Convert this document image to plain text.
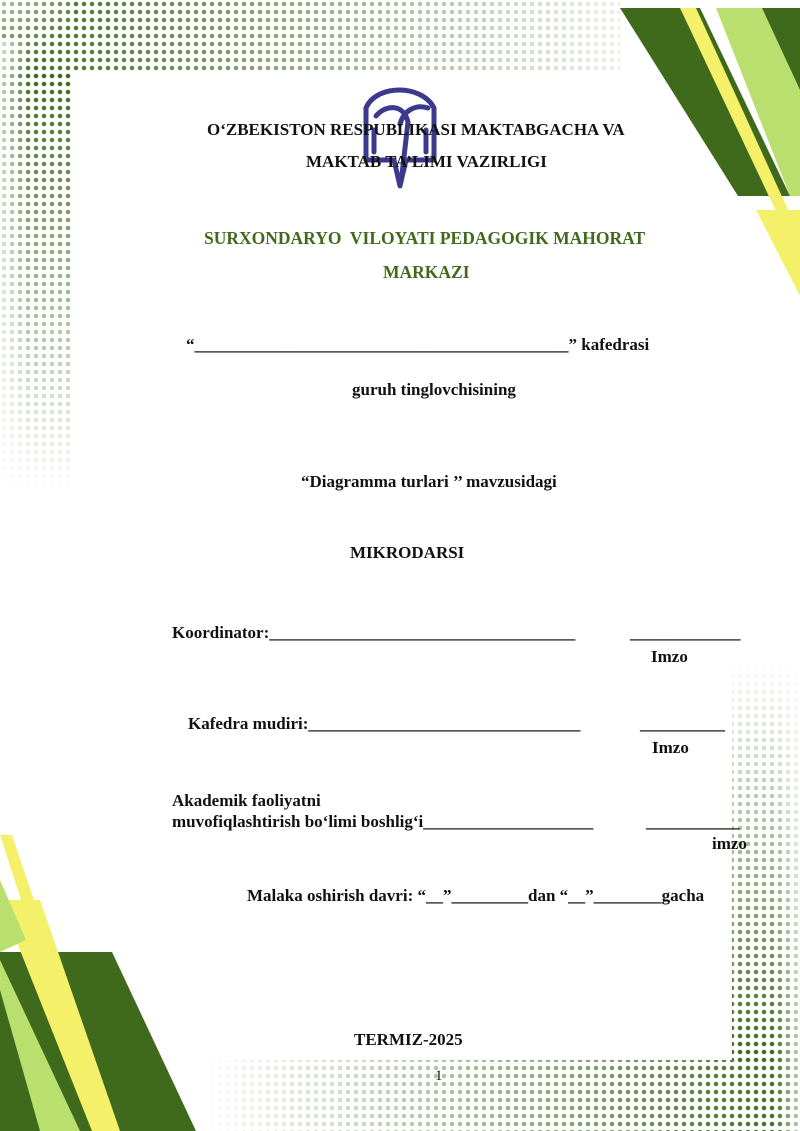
O‘ZBEKISTON RESPUBLIKASI MAKTABGACHA VA
MAKTAB TA’LIMI VAZIRLIGI
SURXONDARYO  VILOYATI PEDAGOGIK MAHORAT
MARKAZI
“____________________________________________” kafedrasi
guruh tinglovchisining
“Diagramma turlari ’’ mavzusidagi
MIKRODARSI
Koordinator:____________________________________	_____________
Imzo
Kafedra mudiri:________________________________	__________
Imzo
Akademik faoliyatni
muvofiqlashtirish bo‘limi boshlig‘i____________________	___________
imzo
Malaka oshirish davri: “__”_________dan “__”________gacha
TERMIZ-2025
1
